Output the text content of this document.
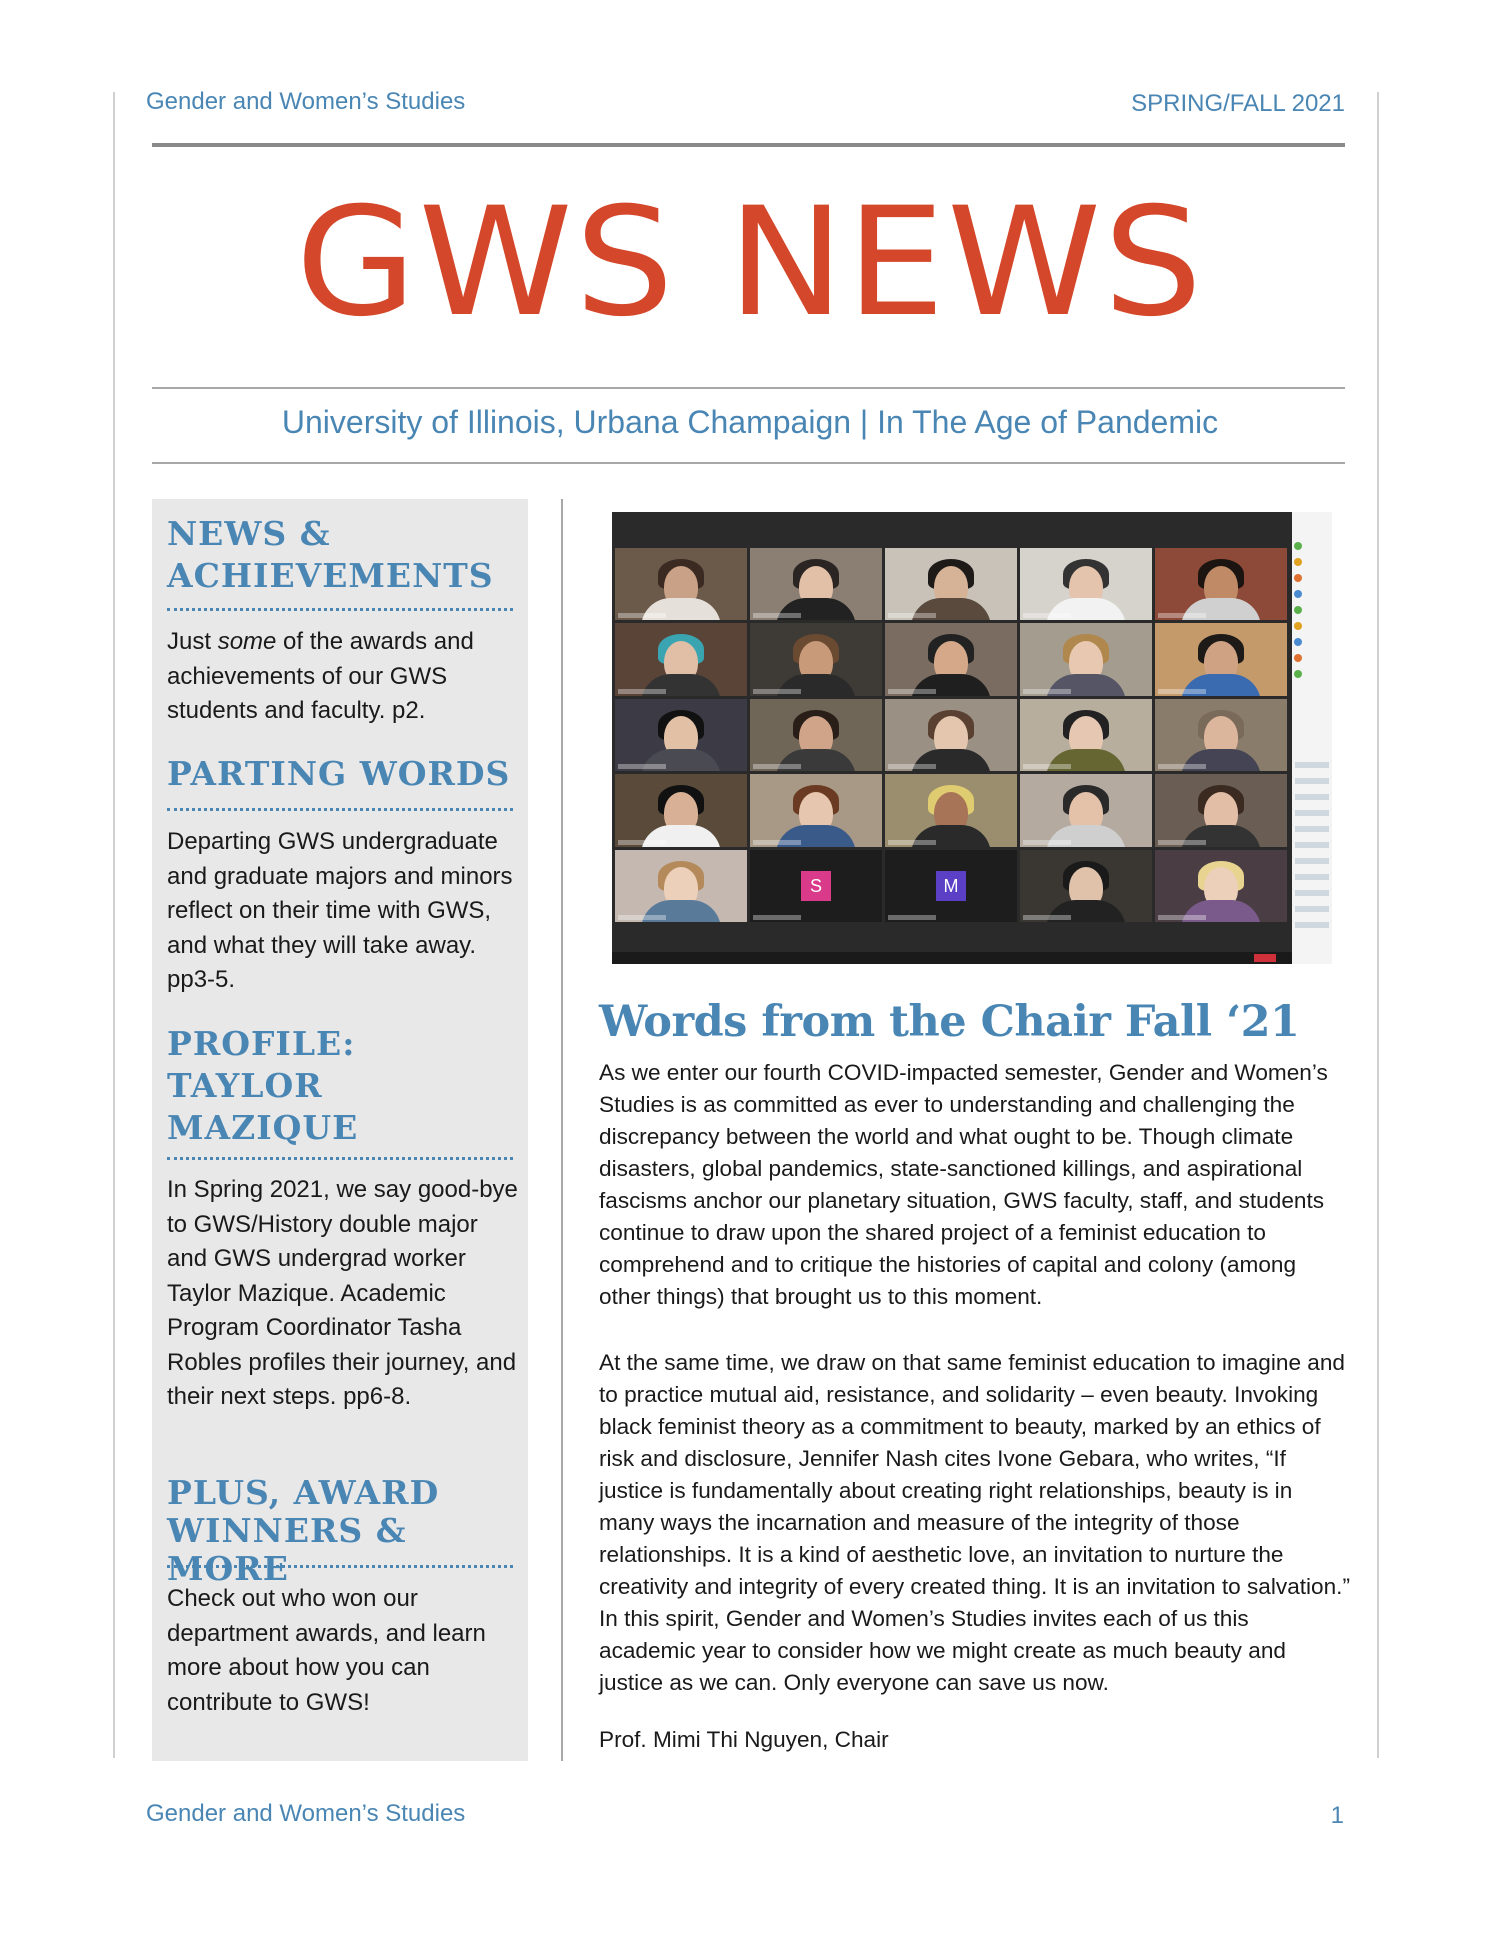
Gender and Women’s Studies	SPRING/FALL 2021
GWS NEWS
University of Illinois, Urbana Champaign | In The Age of Pandemic
NEWS & ACHIEVEMENTS
Just some of the awards and achievements of our GWS students and faculty. p2.
PARTING WORDS
Departing GWS undergraduate and graduate majors and minors reflect on their time with GWS, and what they will take away. pp3-5.
PROFILE: TAYLOR MAZIQUE
In Spring 2021, we say good-bye to GWS/History double major and GWS undergrad worker Taylor Mazique. Academic Program Coordinator Tasha Robles profiles their journey, and their next steps. pp6-8.
PLUS, AWARD WINNERS & MORE
Check out who won our department awards, and learn more about how you can contribute to GWS!
S	M
Words from the Chair Fall ‘21
As we enter our fourth COVID-impacted semester, Gender and Women’s Studies is as committed as ever to understanding and challenging the discrepancy between the world and what ought to be. Though climate disasters, global pandemics, state-sanctioned killings, and aspirational fascisms anchor our planetary situation, GWS faculty, staff, and students continue to draw upon the shared project of a feminist education to comprehend and to critique the histories of capital and colony (among other things) that brought us to this moment.
At the same time, we draw on that same feminist education to imagine and to practice mutual aid, resistance, and solidarity – even beauty. Invoking black feminist theory as a commitment to beauty, marked by an ethics of risk and disclosure, Jennifer Nash cites Ivone Gebara, who writes, “If justice is fundamentally about creating right relationships, beauty is in many ways the incarnation and measure of the integrity of those relationships. It is a kind of aesthetic love, an invitation to nurture the creativity and integrity of every created thing. It is an invitation to salvation.” In this spirit, Gender and Women’s Studies invites each of us this academic year to consider how we might create as much beauty and justice as we can. Only everyone can save us now.
Prof. Mimi Thi Nguyen, Chair
Gender and Women’s Studies	1
